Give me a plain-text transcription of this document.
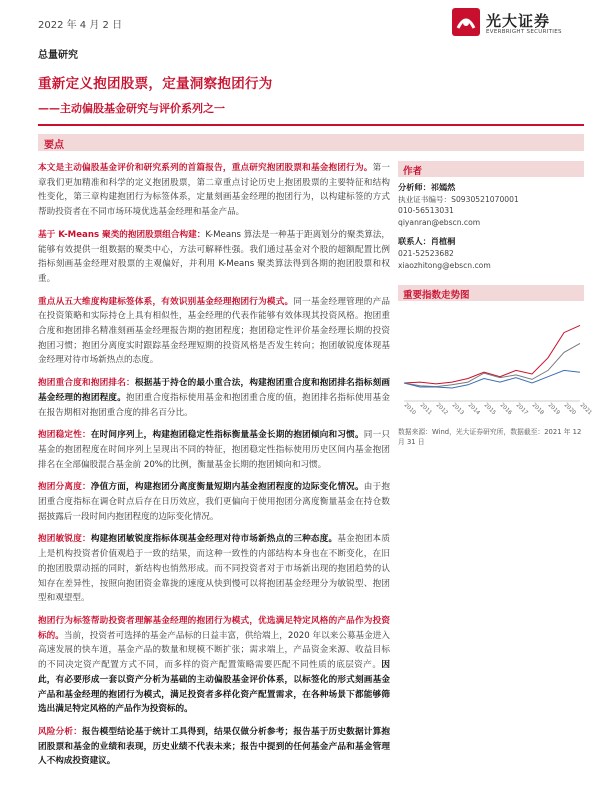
2022 年 4 月 2 日	光大证券
EVERBRIGHT SECURITIES
总量研究
重新定义抱团股票，定量洞察抱团行为
——主动偏股基金研究与评价系列之一
要点

本文是主动偏股基金评价和研究系列的首篇报告，重点研究抱团股票和基金抱团行为。第一章我们更加精准和科学的定义抱团股票，第二章重点讨论历史上抱团股票的主要特征和结构性变化，第三章构建抱团行为标签体系，定量刻画基金经理的抱团行为，以构建标签的方式帮助投资者在不同市场环境优选基金经理和基金产品。

基于 K-Means 聚类的抱团股票组合构建：K-Means 算法是一种基于距离划分的聚类算法，能够有效提供一组数据的聚类中心，方法可解释性强。我们通过基金对个股的超额配置比例指标刻画基金经理对股票的主观偏好，并利用 K-Means 聚类算法得到各期的抱团股票和权重。

重点从五大维度构建标签体系，有效识别基金经理抱团行为模式。同一基金经理管理的产品在投资策略和实际持仓上具有相似性，基金经理的代表作能够有效体现其投资风格。抱团重合度和抱团排名精准刻画基金经理报告期的抱团程度；抱团稳定性评价基金经理长期的投资抱团习惯；抱团分离度实时跟踪基金经理短期的投资风格是否发生转向；抱团敏锐度体现基金经理对待市场新热点的态度。

抱团重合度和抱团排名：根据基于持仓的最小重合法，构建抱团重合度和抱团排名指标刻画基金经理的抱团程度。抱团重合度指标使用基金和抱团重合度的值，抱团排名指标使用基金在报告期相对抱团重合度的排名百分比。

抱团稳定性：在时间序列上，构建抱团稳定性指标衡量基金长期的抱团倾向和习惯。同一只基金的抱团程度在时间序列上呈现出不同的特征，抱团稳定性指标使用历史区间内基金抱团排名在全部偏股混合基金前 20%的比例，衡量基金长期的抱团倾向和习惯。

抱团分离度：净值方面，构建抱团分离度衡量短期内基金抱团程度的边际变化情况。由于抱团重合度指标在调仓时点后存在日历效应，我们更偏向于使用抱团分离度衡量基金在持仓数据披露后一段时间内抱团程度的边际变化情况。

抱团敏锐度：构建抱团敏锐度指标体现基金经理对待市场新热点的三种态度。基金抱团本质上是机构投资者价值观趋于一致的结果，而这种一致性的内部结构本身也在不断变化，在旧的抱团股票动摇的同时，新结构也悄然形成。而不同投资者对于市场新出现的抱团趋势的认知存在差异性，按照向抱团资金靠拢的速度从快到慢可以将抱团基金经理分为敏锐型、抱团型和观望型。

抱团行为标签帮助投资者理解基金经理的抱团行为模式，优选满足特定风格的产品作为投资标的。当前，投资者可选择的基金产品标的日益丰富，供给端上，2020 年以来公募基金进入高速发展的快车道，基金产品的数量和规模不断扩张；需求端上，产品资金来源、收益目标的不同决定资产配置方式不同，而多样的资产配置策略需要匹配不同性质的底层资产。因此，有必要形成一套以资产分析为基础的主动偏股基金评价体系，以标签化的形式刻画基金产品和基金经理的抱团行为模式，满足投资者多样化资产配置需求，在各种场景下都能够筛选出满足特定风格的产品作为投资标的。

风险分析：报告模型结论基于统计工具得到，结果仅做分析参考；报告基于历史数据计算抱团股票和基金的业绩和表现，历史业绩不代表未来；报告中提到的任何基金产品和基金管理人不构成投资建议。

作者
分析师：祁嫣然
执业证书编号：S0930521070001
010-56513031
qiyanran@ebscn.com
联系人：肖植桐
021-52523682
xiaozhitong@ebscn.com
重要指数走势图
2010 2011 2012 2013 2014 2015 2016 2017 2018 2019 2020 2021
数据来源：Wind，光大证券研究所，数据截至：2021 年 12 月 31 日
